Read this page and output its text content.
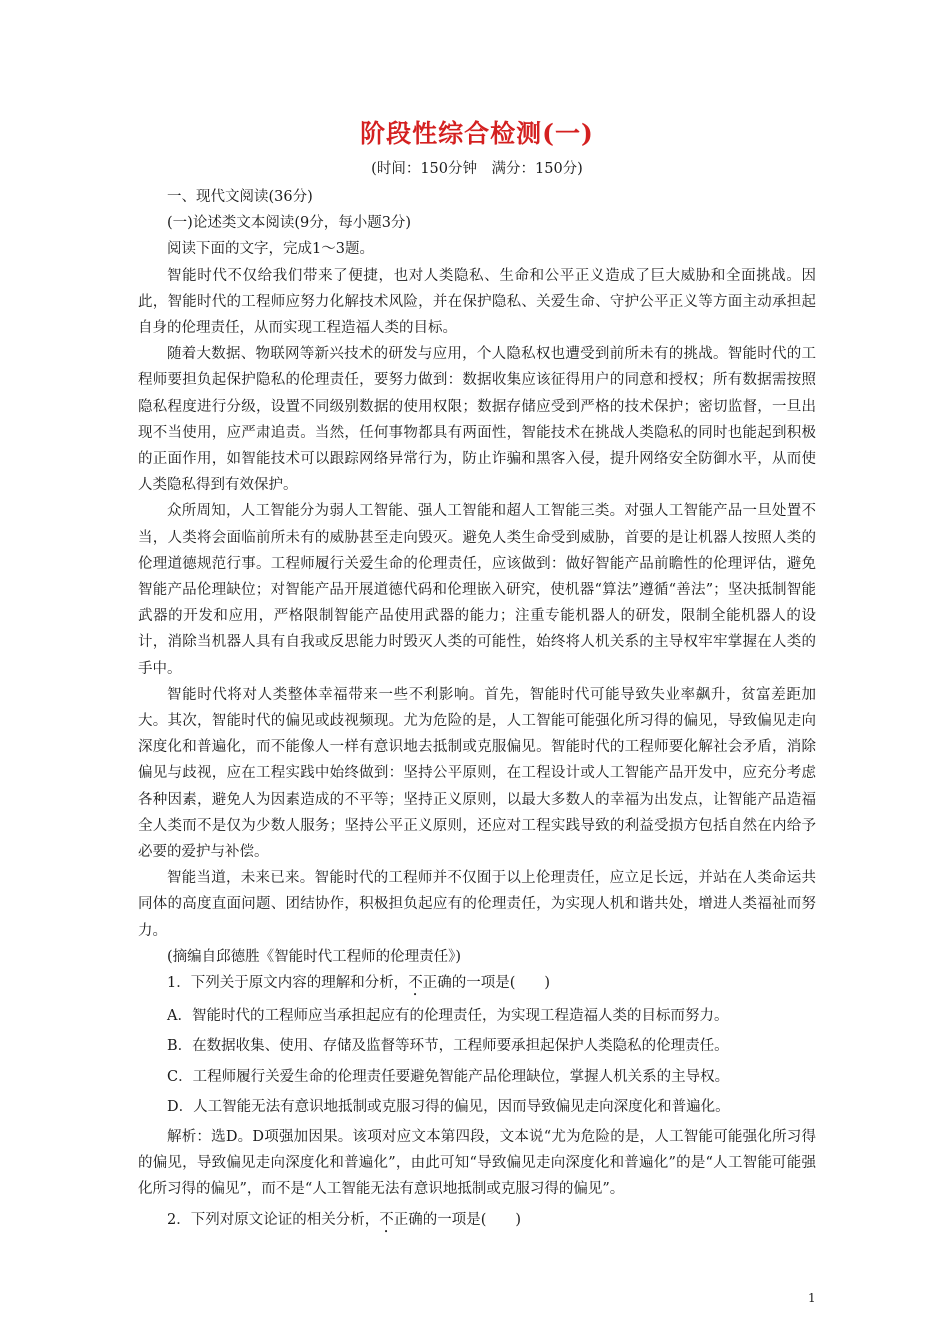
阶段性综合检测(一)

(时间：150分钟　满分：150分)

一、现代文阅读(36分)

(一)论述类文本阅读(9分，每小题3分)

阅读下面的文字，完成1～3题。

智能时代不仅给我们带来了便捷，也对人类隐私、生命和公平正义造成了巨大威胁和全面挑战。因此，智能时代的工程师应努力化解技术风险，并在保护隐私、关爱生命、守护公平正义等方面主动承担起自身的伦理责任，从而实现工程造福人类的目标。

随着大数据、物联网等新兴技术的研发与应用，个人隐私权也遭受到前所未有的挑战。智能时代的工程师要担负起保护隐私的伦理责任，要努力做到：数据收集应该征得用户的同意和授权；所有数据需按照隐私程度进行分级，设置不同级别数据的使用权限；数据存储应受到严格的技术保护；密切监督，一旦出现不当使用，应严肃追责。当然，任何事物都具有两面性，智能技术在挑战人类隐私的同时也能起到积极的正面作用，如智能技术可以跟踪网络异常行为，防止诈骗和黑客入侵，提升网络安全防御水平，从而使人类隐私得到有效保护。

众所周知，人工智能分为弱人工智能、强人工智能和超人工智能三类。对强人工智能产品一旦处置不当，人类将会面临前所未有的威胁甚至走向毁灭。避免人类生命受到威胁，首要的是让机器人按照人类的伦理道德规范行事。工程师履行关爱生命的伦理责任，应该做到：做好智能产品前瞻性的伦理评估，避免智能产品伦理缺位；对智能产品开展道德代码和伦理嵌入研究，使机器“算法”遵循“善法”；坚决抵制智能武器的开发和应用，严格限制智能产品使用武器的能力；注重专能机器人的研发，限制全能机器人的设计，消除当机器人具有自我或反思能力时毁灭人类的可能性，始终将人机关系的主导权牢牢掌握在人类的手中。

智能时代将对人类整体幸福带来一些不利影响。首先，智能时代可能导致失业率飙升，贫富差距加大。其次，智能时代的偏见或歧视频现。尤为危险的是，人工智能可能强化所习得的偏见，导致偏见走向深度化和普遍化，而不能像人一样有意识地去抵制或克服偏见。智能时代的工程师要化解社会矛盾，消除偏见与歧视，应在工程实践中始终做到：坚持公平原则，在工程设计或人工智能产品开发中，应充分考虑各种因素，避免人为因素造成的不平等；坚持正义原则，以最大多数人的幸福为出发点，让智能产品造福全人类而不是仅为少数人服务；坚持公平正义原则，还应对工程实践导致的利益受损方包括自然在内给予必要的爱护与补偿。

智能当道，未来已来。智能时代的工程师并不仅囿于以上伦理责任，应立足长远，并站在人类命运共同体的高度直面问题、团结协作，积极担负起应有的伦理责任，为实现人机和谐共处，增进人类福祉而努力。

(摘编自邱德胜《智能时代工程师的伦理责任》)

1．下列关于原文内容的理解和分析，不正确的一项是(　　)

A．智能时代的工程师应当承担起应有的伦理责任，为实现工程造福人类的目标而努力。

B．在数据收集、使用、存储及监督等环节，工程师要承担起保护人类隐私的伦理责任。

C．工程师履行关爱生命的伦理责任要避免智能产品伦理缺位，掌握人机关系的主导权。

D．人工智能无法有意识地抵制或克服习得的偏见，因而导致偏见走向深度化和普遍化。

解析：选D。D项强加因果。该项对应文本第四段，文本说“尤为危险的是，人工智能可能强化所习得的偏见，导致偏见走向深度化和普遍化”，由此可知“导致偏见走向深度化和普遍化”的是“人工智能可能强化所习得的偏见”，而不是“人工智能无法有意识地抵制或克服习得的偏见”。

2．下列对原文论证的相关分析，不正确的一项是(　　)

1
